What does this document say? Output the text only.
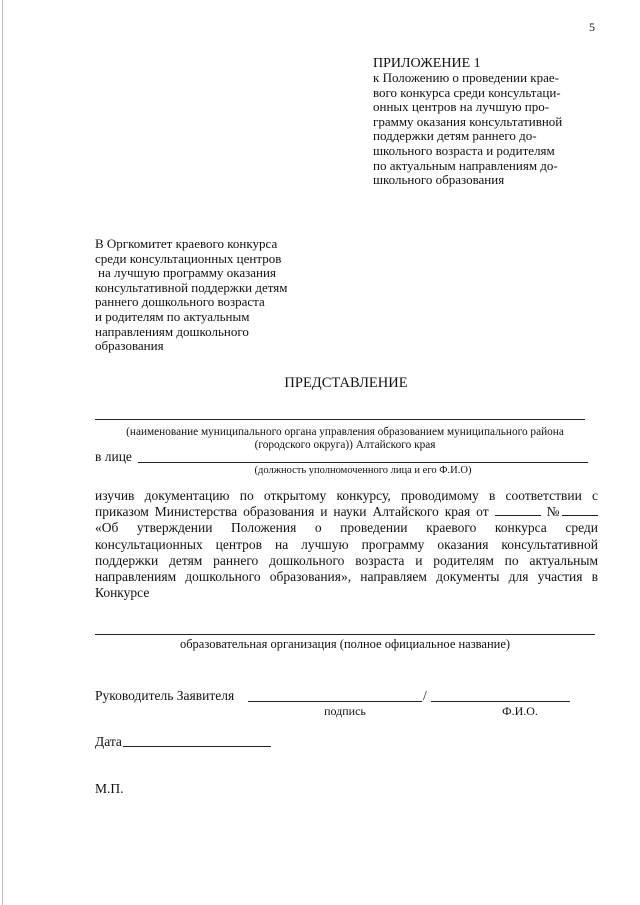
5

ПРИЛОЖЕНИЕ 1

к Положению о проведении крае-
вого конкурса среди консультаци-
онных центров на лучшую про-
грамму оказания консультативной
поддержки детям раннего до-
школьного возраста и родителям
по актуальным направлениям до-
школьного образования

В Оргкомитет краевого конкурса
среди консультационных центров
на лучшую программу оказания
консультативной поддержки детям
раннего дошкольного возраста
и родителям по актуальным
направлениям дошкольного
образования

ПРЕДСТАВЛЕНИЕ

(наименование муниципального органа управления образованием муниципального района
(городского округа)) Алтайского края

в лице

(должность уполномоченного лица и его Ф.И.О)

изучив документацию по открытому конкурсу, проводимому в соответствии с приказом Министерства образования и науки Алтайского края от	№ «Об утверждении Положения о проведении краевого конкурса среди консультационных центров на лучшую программу оказания консультативной поддержки детям раннего дошкольного возраста и родителям по актуальным направлениям дошкольного образования», направляем документы для участия в Конкурсе

образовательная организация (полное официальное название)

Руководитель Заявителя	/

подпись	Ф.И.О.

Дата

М.П.
